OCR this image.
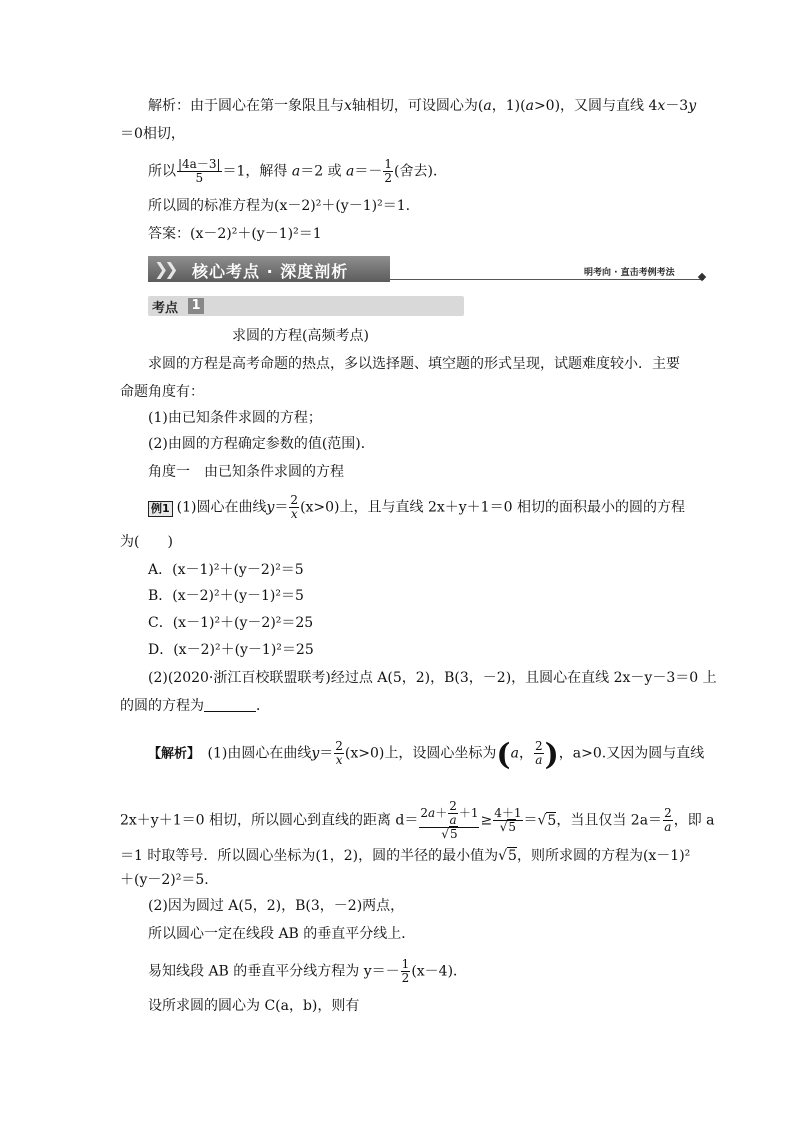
解析：由于圆心在第一象限且与x轴相切，可设圆心为(a，1)(a>0)，又圆与直线 4x－3y
＝0相切，
所以 $\frac{|4a-3|}{5} =1$，解得 a＝2 或 $a=- \frac{1}{2}$ (舍去)．
所以圆的标准方程为(x－2)²＋(y－1)²＝1.
答案：(x－2)²＋(y－1)²＝1
❯❯ 核心考点 · 深度剖析	明考向 · 直击考例考法
考点 1
求圆的方程(高频考点)
求圆的方程是高考命题的热点，多以选择题、填空题的形式呈现，试题难度较小．主要
命题角度有：
(1)由已知条件求圆的方程；
(2)由圆的方程确定参数的值(范围)．
角度一　由已知条件求圆的方程
例1 (1)圆心在曲线$y= \frac{2}{x} (x>0)$上，且与直线 2x＋y＋1＝0 相切的面积最小的圆的方程
为(　　)
A．(x－1)²＋(y－2)²＝5
B．(x－2)²＋(y－1)²＝5
C．(x－1)²＋(y－2)²＝25
D．(x－2)²＋(y－1)²＝25
(2)(2020·浙江百校联盟联考)经过点 A(5，2)，B(3，－2)，且圆心在直线 2x－y－3＝0 上
的圆的方程为	．
【解析】　 (1)由圆心在曲线$y= \frac{2}{x} (x>0)$上，设圆心坐标为(a， $\frac{2}{a}$ )，a>0.又因为圆与直线
2x＋y＋1＝0 相切，所以圆心到直线的距离 $d= \frac{2a+ \frac{2}{a} +1}{√5} \ge \frac{4+1}{√5} =√5$，当且仅当 $2a= \frac{2}{a}$ ，即 a
＝1 时取等号．所以圆心坐标为(1，2)，圆的半径的最小值为√5，则所求圆的方程为(x－1)²
＋(y－2)²＝5.
(2)因为圆过 A(5，2)，B(3，－2)两点，
所以圆心一定在线段 AB 的垂直平分线上．
易知线段 AB 的垂直平分线方程为 $y=- \frac{1}{2} (x-4)$．
设所求圆的圆心为 C(a，b)，则有
